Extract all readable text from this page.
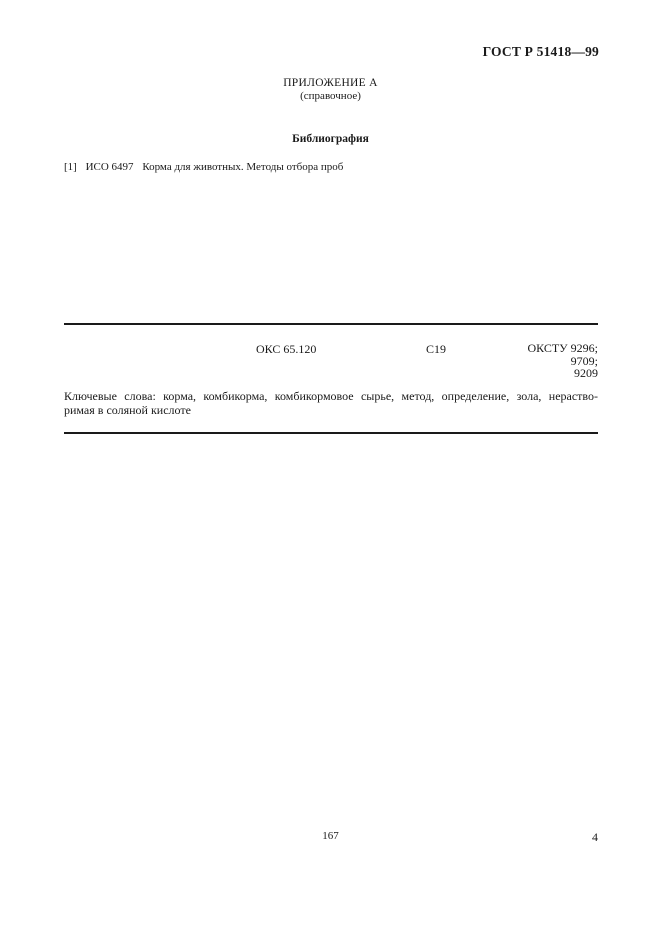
ГОСТ Р 51418—99
ПРИЛОЖЕНИЕ А
(справочное)
Библиография
[1] ИСО 6497 Корма для животных. Методы отбора проб
ОКС 65.120	С19	ОКСТУ 9296;
9709;
9209
Ключевые слова: корма, комбикорма, комбикормовое сырье, метод, определение, зола, нераство-
римая в соляной кислоте
167	4
